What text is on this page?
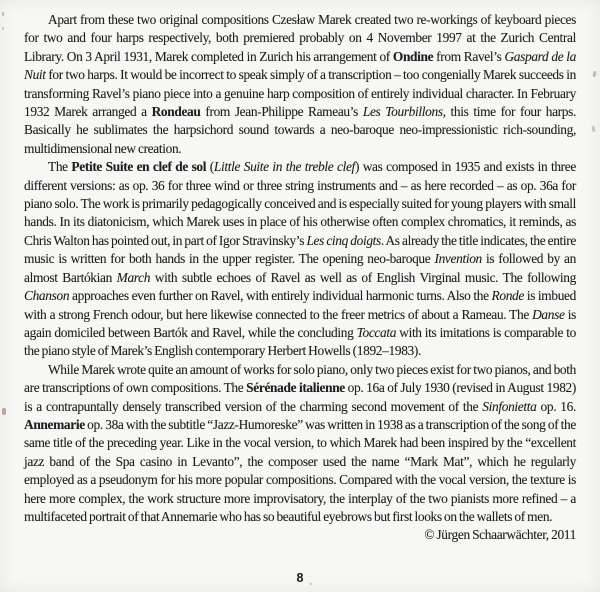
Apart from these two original compositions Czesław Marek created two re-workings of keyboard pieces for two and four harps respectively, both premiered probably on 4 November 1997 at the Zurich Central Library. On 3 April 1931, Marek completed in Zurich his arrangement of Ondine from Ravel’s Gaspard de la Nuit for two harps. It would be incorrect to speak simply of a transcription – too congenially Marek succeeds in transforming Ravel’s piano piece into a genuine harp composition of entirely individual character. In February 1932 Marek arranged a Rondeau from Jean-Philippe Rameau’s Les Tourbillons, this time for four harps. Basically he sublimates the harpsichord sound towards a neo-baroque neo-impressionistic rich-sounding, multidimensional new creation.

The Petite Suite en clef de sol (Little Suite in the treble clef) was composed in 1935 and exists in three different versions: as op. 36 for three wind or three string instruments and – as here recorded – as op. 36a for piano solo. The work is primarily pedagogically conceived and is especially suited for young players with small hands. In its diatonicism, which Marek uses in place of his otherwise often complex chromatics, it reminds, as Chris Walton has pointed out, in part of Igor Stravinsky’s Les cinq doigts. As already the title indicates, the entire music is written for both hands in the upper register. The opening neo-baroque Invention is followed by an almost Bartókian March with subtle echoes of Ravel as well as of English Virginal music. The following Chanson approaches even further on Ravel, with entirely individual harmonic turns. Also the Ronde is imbued with a strong French odour, but here likewise connected to the freer metrics of about a Rameau. The Danse is again domiciled between Bartók and Ravel, while the concluding Toccata with its imitations is comparable to the piano style of Marek’s English contemporary Herbert Howells (1892–1983).

While Marek wrote quite an amount of works for solo piano, only two pieces exist for two pianos, and both are transcriptions of own compositions. The Sérénade italienne op. 16a of July 1930 (revised in August 1982) is a contrapuntally densely transcribed version of the charming second movement of the Sinfonietta op. 16. Annemarie op. 38a with the subtitle “Jazz-Humoreske” was written in 1938 as a transcription of the song of the same title of the preceding year. Like in the vocal version, to which Marek had been inspired by the “excellent jazz band of the Spa casino in Levanto”, the composer used the name “Mark Mat”, which he regularly employed as a pseudonym for his more popular compositions. Compared with the vocal version, the texture is here more complex, the work structure more improvisatory, the interplay of the two pianists more refined – a multifaceted portrait of that Annemarie who has so beautiful eyebrows but first looks on the wallets of men.
© Jürgen Schaarwächter, 2011

8
